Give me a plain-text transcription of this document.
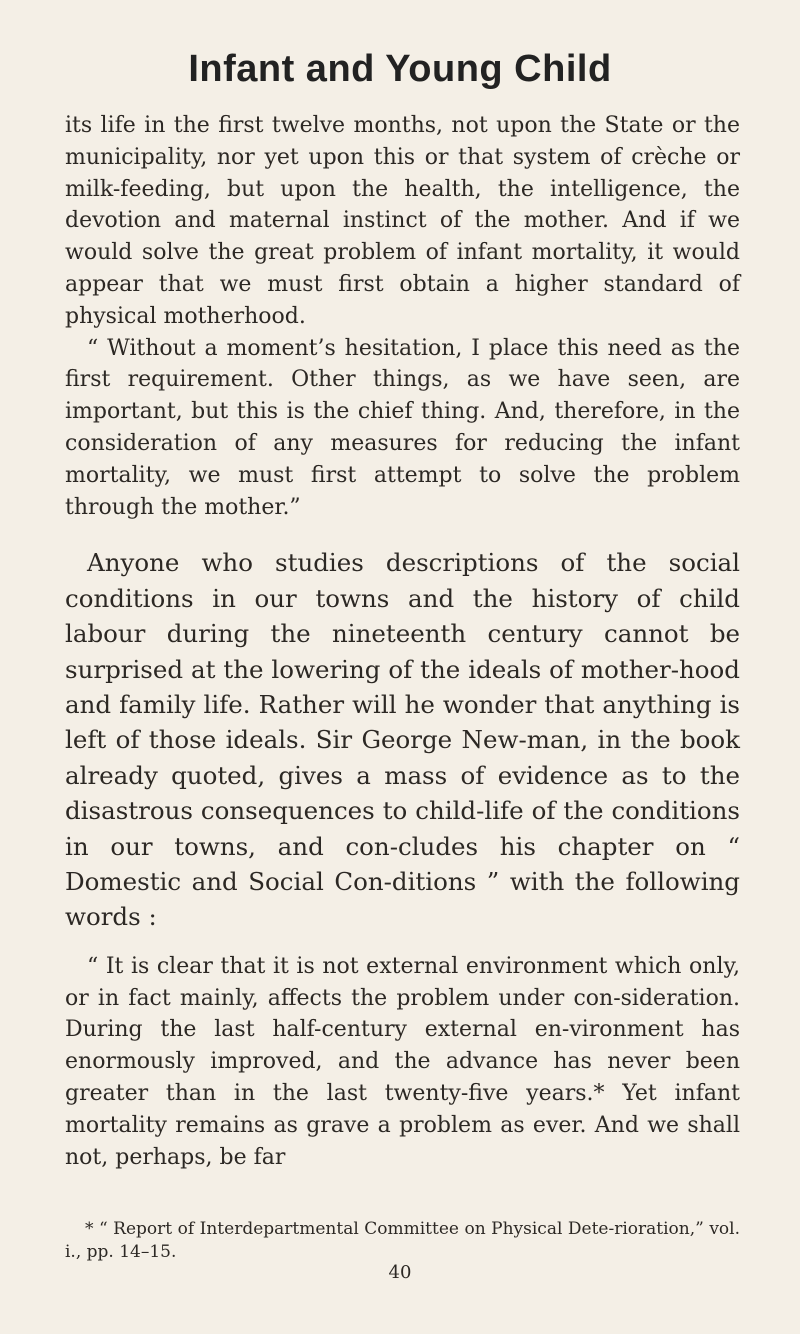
Infant and Young Child

its life in the first twelve months, not upon the State or the municipality, nor yet upon this or that system of crèche or milk-feeding, but upon the health, the intelligence, the devotion and maternal instinct of the mother. And if we would solve the great problem of infant mortality, it would appear that we must first obtain a higher standard of physical motherhood.

“ Without a moment’s hesitation, I place this need as the first requirement. Other things, as we have seen, are important, but this is the chief thing. And, therefore, in the consideration of any measures for reducing the infant mortality, we must first attempt to solve the problem through the mother.”

Anyone who studies descriptions of the social conditions in our towns and the history of child labour during the nineteenth century cannot be surprised at the lowering of the ideals of mother-hood and family life. Rather will he wonder that anything is left of those ideals. Sir George New-man, in the book already quoted, gives a mass of evidence as to the disastrous consequences to child-life of the conditions in our towns, and con-cludes his chapter on “ Domestic and Social Con-ditions ” with the following words :

“ It is clear that it is not external environment which only, or in fact mainly, affects the problem under con-sideration. During the last half-century external en-vironment has enormously improved, and the advance has never been greater than in the last twenty-five years.* Yet infant mortality remains as grave a problem as ever. And we shall not, perhaps, be far

* “ Report of Interdepartmental Committee on Physical Dete-rioration,” vol. i., pp. 14–15.
40
